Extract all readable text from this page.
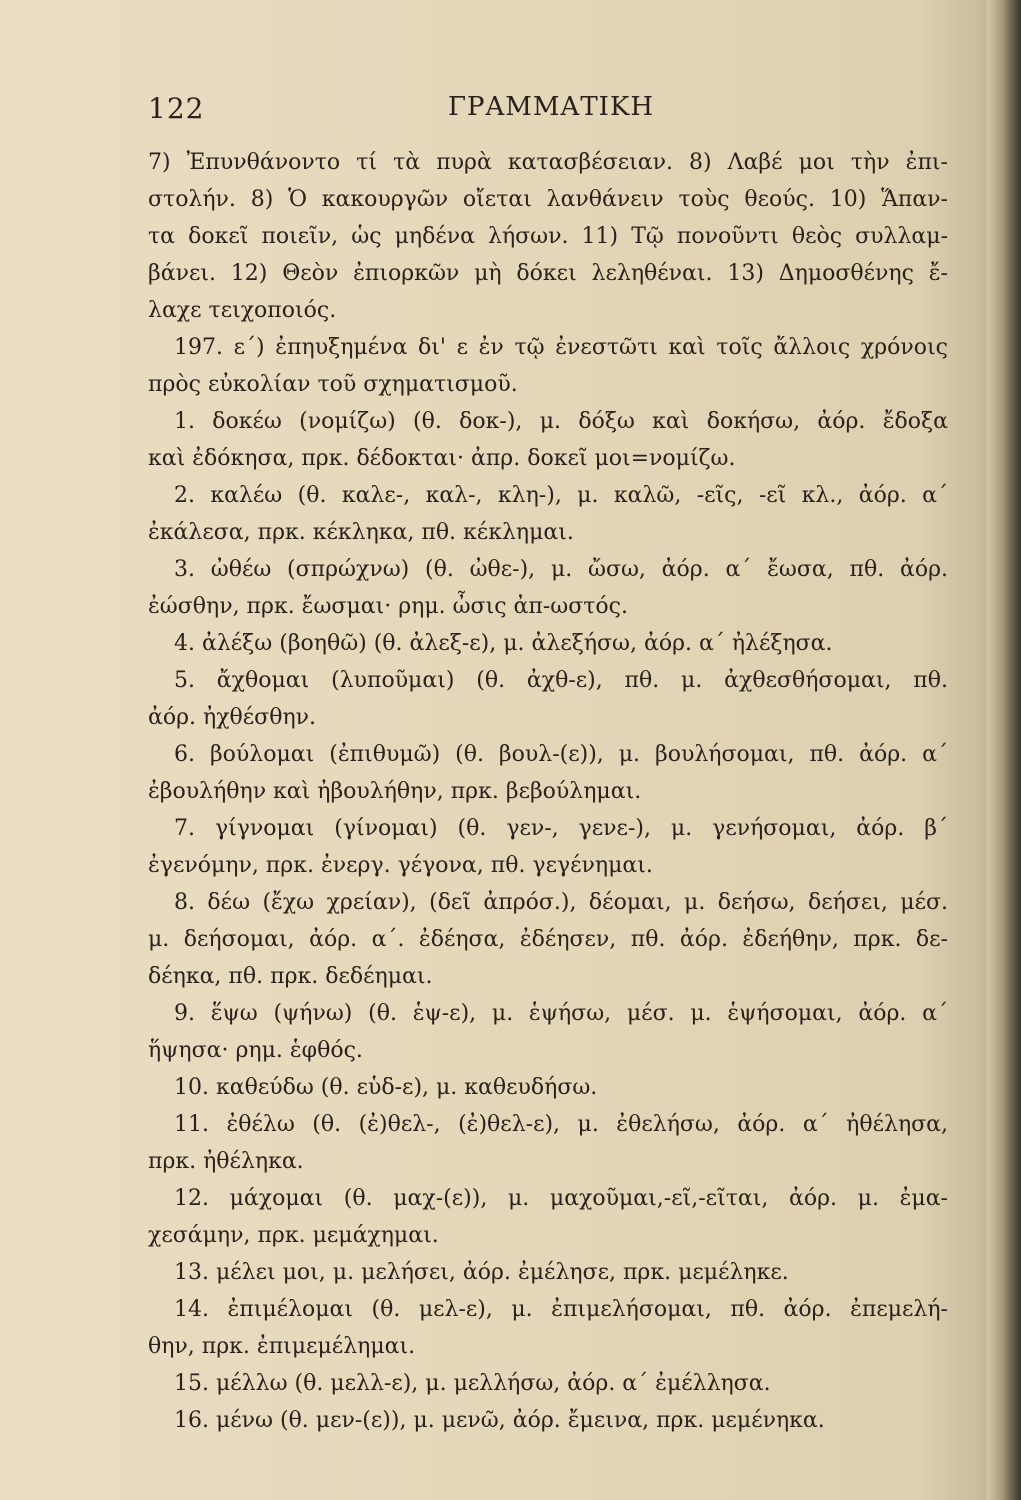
122	ΓΡΑΜΜΑΤΙΚΗ
7) Ἐπυνθάνοντο τί τὰ πυρὰ κατασβέσειαν. 8) Λαβέ μοι τὴν ἐπι-
στολήν. 8) Ὁ κακουργῶν οἴεται λανθάνειν τοὺς θεούς. 10) Ἅπαν-
τα δοκεῖ ποιεῖν, ὡς μηδένα λήσων. 11) Τῷ πονοῦντι θεὸς συλλαμ-
βάνει. 12) Θεὸν ἐπιορκῶν μὴ δόκει λεληθέναι. 13) Δημοσθένης ἔ-
λαχε τειχοποιός.
197. ε΄) ἐπηυξημένα δι' ε ἐν τῷ ἐνεστῶτι καὶ τοῖς ἄλλοις χρόνοις
πρὸς εὐκολίαν τοῦ σχηματισμοῦ.
1. δοκέω (νομίζω) (θ. δοκ-), μ. δόξω καὶ δοκήσω, ἀόρ. ἔδοξα
καὶ ἐδόκησα, πρκ. δέδοκται· ἀπρ. δοκεῖ μοι=νομίζω.
2. καλέω (θ. καλε-, καλ-, κλη-), μ. καλῶ, -εῖς, -εῖ κλ., ἀόρ. α΄
ἐκάλεσα, πρκ. κέκληκα, πθ. κέκλημαι.
3. ὠθέω (σπρώχνω) (θ. ὠθε-), μ. ὤσω, ἀόρ. α΄ ἔωσα, πθ. ἀόρ.
ἐώσθην, πρκ. ἔωσμαι· ρημ. ὦσις ἀπ-ωστός.
4. ἀλέξω (βοηθῶ) (θ. ἀλεξ-ε), μ. ἀλεξήσω, ἀόρ. α΄ ἠλέξησα.
5. ἄχθομαι (λυποῦμαι) (θ. ἀχθ-ε), πθ. μ. ἀχθεσθήσομαι, πθ.
ἀόρ. ἠχθέσθην.
6. βούλομαι (ἐπιθυμῶ) (θ. βουλ-(ε)), μ. βουλήσομαι, πθ. ἀόρ. α΄
ἐβουλήθην καὶ ἠβουλήθην, πρκ. βεβούλημαι.
7. γίγνομαι (γίνομαι) (θ. γεν-, γενε-), μ. γενήσομαι, ἀόρ. β΄
ἐγενόμην, πρκ. ἐνεργ. γέγονα, πθ. γεγένημαι.
8. δέω (ἔχω χρείαν), (δεῖ ἀπρόσ.), δέομαι, μ. δεήσω, δεήσει, μέσ.
μ. δεήσομαι, ἀόρ. α΄. ἐδέησα, ἐδέησεν, πθ. ἀόρ. ἐδεήθην, πρκ. δε-
δέηκα, πθ. πρκ. δεδέημαι.
9. ἕψω (ψήνω) (θ. ἑψ-ε), μ. ἑψήσω, μέσ. μ. ἑψήσομαι, ἀόρ. α΄
ἥψησα· ρημ. ἑφθός.
10. καθεύδω (θ. εὑδ-ε), μ. καθευδήσω.
11. ἐθέλω (θ. (ἐ)θελ-, (ἐ)θελ-ε), μ. ἐθελήσω, ἀόρ. α΄ ἠθέλησα,
πρκ. ἠθέληκα.
12. μάχομαι (θ. μαχ-(ε)), μ. μαχοῦμαι,-εῖ,-εῖται, ἀόρ. μ. ἐμα-
χεσάμην, πρκ. μεμάχημαι.
13. μέλει μοι, μ. μελήσει, ἀόρ. ἐμέλησε, πρκ. μεμέληκε.
14. ἐπιμέλομαι (θ. μελ-ε), μ. ἐπιμελήσομαι, πθ. ἀόρ. ἐπεμελή-
θην, πρκ. ἐπιμεμέλημαι.
15. μέλλω (θ. μελλ-ε), μ. μελλήσω, ἀόρ. α΄ ἐμέλλησα.
16. μένω (θ. μεν-(ε)), μ. μενῶ, ἀόρ. ἔμεινα, πρκ. μεμένηκα.
